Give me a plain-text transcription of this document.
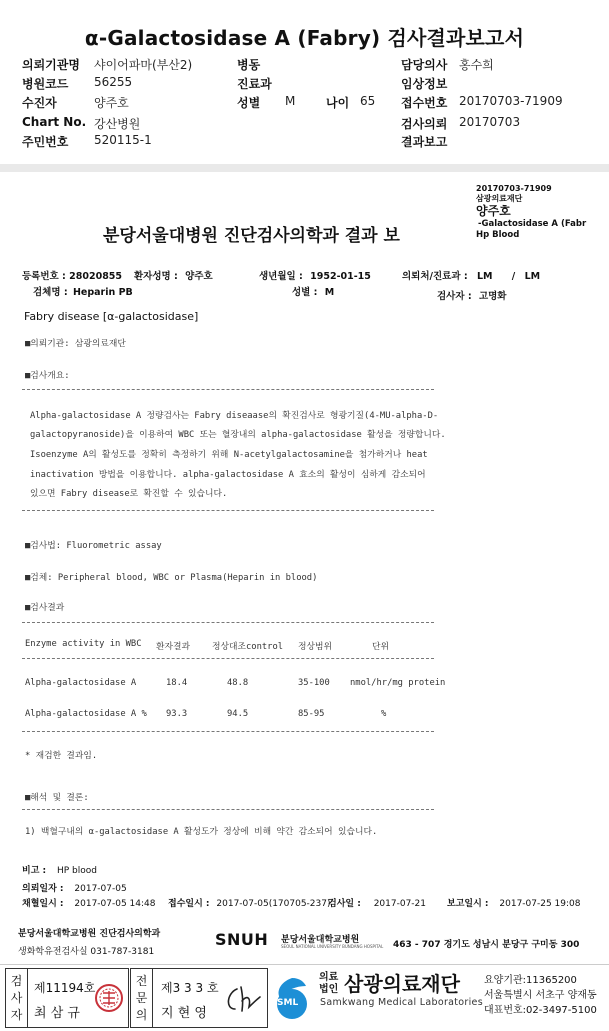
α-Galactosidase A (Fabry) 검사결과보고서
의뢰기관명 샤이어파마(부산2)	병동	담당의사 홍수희
병원코드 56255	진료과	임상정보
수진자	양주호	성별 M	나이 65 접수번호 20170703-71909
Chart No. 강산병원	검사의뢰 20170703
주민번호 520115-1	결과보고
20170703-71909
삼광의료재단
양주호
-Galactosidase A (Fabr
Hp Blood
분당서울대병원 진단검사의학과 결과 보
등록번호 : 28020855 환자성명 : 양주호	생년월일 : 1952-01-15	의뢰처/진료과 : LM / LM
검체명 : Heparin PB	성별 : M	검사자 : 고명화
Fabry disease [α-galactosidase]
■의뢰기관: 삼광의료재단
■검사개요:
Alpha-galactosidase A 정량검사는 Fabry diseaase의 확진검사로 형광기질(4-MU-alpha-D-
galactopyranoside)을 이용하여 WBC 또는 혈장내의 alpha-galactosidase 활성을 정량합니다.
Isoenzyme A의 활성도를 정확히 측정하기 위해 N-acetylgalactosamine을 첨가하거나 heat
inactivation 방법을 이용합니다. alpha-galactosidase A 효소의 활성이 심하게 감소되어
있으면 Fabry disease로 확진할 수 있습니다.
■검사법: Fluorometric assay
■검체: Peripheral blood, WBC or Plasma(Heparin in blood)
■검사결과
Enzyme activity in WBC 환자결과	정상대조control 정상범위	단위
Alpha-galactosidase A	18.4	48.8	35-100 nmol/hr/mg protein
Alpha-galactosidase A % 93.3	94.5	85-95	%
* 재검한 결과임.
■해석 및 결론:
1) 백혈구내의 α-galactosidase A 활성도가 정상에 비해 약간 감소되어 있습니다.
비고 : HP blood
의뢰일자 : 2017-07-05
채혈일시 : 2017-07-05 14:48 접수일시 : 2017-07-05(170705-237)
검사일 : 2017-07-21 보고일시 : 2017-07-25 19:08
분당서울대학교병원 진단검사의학과
생화학유전검사실 031-787-3181
SNUH 분당서울대학교병원
SEOUL NATIONAL UNIVERSITY BUNDANG HOSPITAL 463 - 707 경기도 성남시 분당구 구미동 300
검
사
자
제11194호
최 삼 규
전
문
의
제3 3 3 호
지 현 영
SML
의료
법인 삼광의료재단
Samkwang Medical Laboratories
요양기관:11365200
서울특별시 서초구 양재동
대표번호:02-3497-5100
